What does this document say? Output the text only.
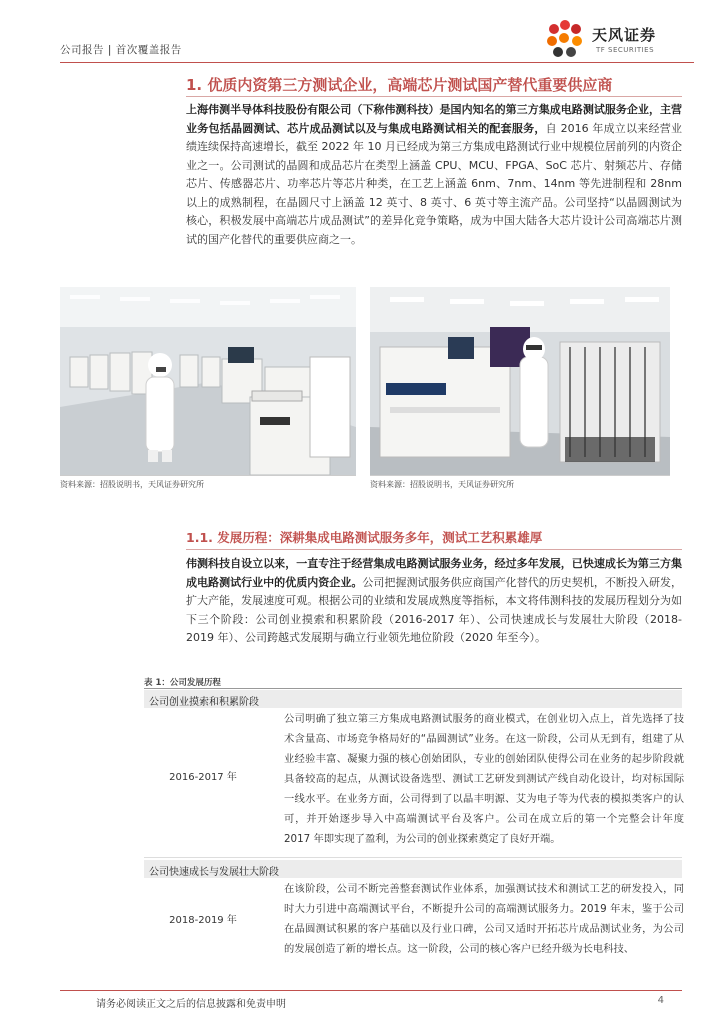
公司报告 | 首次覆盖报告
天风证券
TF SECURITIES
1. 优质内资第三方测试企业，高端芯片测试国产替代重要供应商
上海伟测半导体科技股份有限公司（下称伟测科技）是国内知名的第三方集成电路测试服务企业，主营业务包括晶圆测试、芯片成品测试以及与集成电路测试相关的配套服务，自 2016 年成立以来经营业绩连续保持高速增长，截至 2022 年 10 月已经成为第三方集成电路测试行业中规模位居前列的内资企业之一。公司测试的晶圆和成品芯片在类型上涵盖 CPU、MCU、FPGA、SoC 芯片、射频芯片、存储芯片、传感器芯片、功率芯片等芯片种类，在工艺上涵盖 6nm、7nm、14nm 等先进制程和 28nm 以上的成熟制程，在晶圆尺寸上涵盖 12 英寸、8 英寸、6 英寸等主流产品。公司坚持“以晶圆测试为核心，积极发展中高端芯片成品测试”的差异化竞争策略，成为中国大陆各大芯片设计公司高端芯片测试的国产化替代的重要供应商之一。
资料来源：招股说明书，天风证券研究所	资料来源：招股说明书，天风证券研究所
1.1. 发展历程：深耕集成电路测试服务多年，测试工艺积累雄厚
伟测科技自设立以来，一直专注于经营集成电路测试服务业务，经过多年发展，已快速成长为第三方集成电路测试行业中的优质内资企业。公司把握测试服务供应商国产化替代的历史契机，不断投入研发，扩大产能，发展速度可观。根据公司的业绩和发展成熟度等指标，本文将伟测科技的发展历程划分为如下三个阶段：公司创业摸索和积累阶段（2016-2017 年）、公司快速成长与发展壮大阶段（2018-2019 年）、公司跨越式发展期与确立行业领先地位阶段（2020 年至今）。
表 1：公司发展历程
公司创业摸索和积累阶段
2016-2017 年
公司明确了独立第三方集成电路测试服务的商业模式，在创业切入点上，首先选择了技术含量高、市场竞争格局好的“晶圆测试”业务。在这一阶段，公司从无到有，组建了从业经验丰富、凝聚力强的核心创始团队，专业的创始团队使得公司在业务的起步阶段就具备较高的起点，从测试设备选型、测试工艺研发到测试产线自动化设计，均对标国际一线水平。在业务方面，公司得到了以晶丰明源、艾为电子等为代表的模拟类客户的认可，并开始逐步导入中高端测试平台及客户。公司在成立后的第一个完整会计年度 2017 年即实现了盈利，为公司的创业探索奠定了良好开端。
公司快速成长与发展壮大阶段
2018-2019 年
在该阶段，公司不断完善整套测试作业体系，加强测试技术和测试工艺的研发投入，同时大力引进中高端测试平台，不断提升公司的高端测试服务力。2019 年末，鉴于公司在晶圆测试积累的客户基础以及行业口碑，公司又适时开拓芯片成品测试业务，为公司的发展创造了新的增长点。这一阶段，公司的核心客户已经升级为长电科技、
请务必阅读正文之后的信息披露和免责申明	4
